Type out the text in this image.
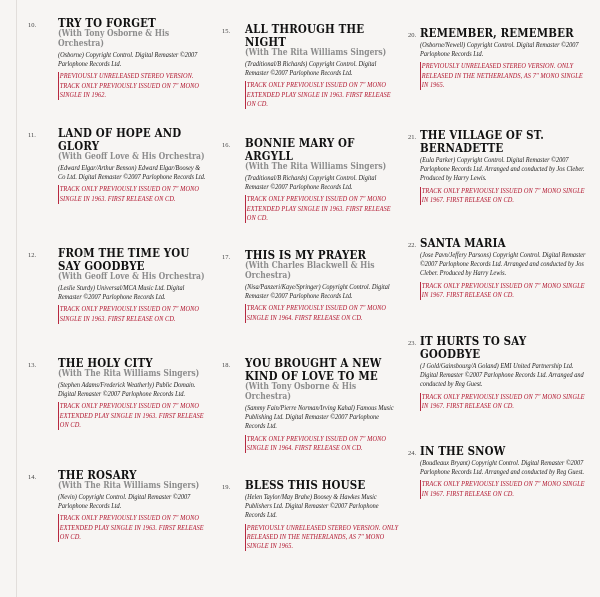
10. TRY TO FORGET
(With Tony Osborne & His Orchestra)
(Osborne) Copyright Control. Digital Remaster ©2007 Parlophone Records Ltd.
PREVIOUSLY UNRELEASED STEREO VERSION. TRACK ONLY PREVIOUSLY ISSUED ON 7" MONO SINGLE IN 1962.
11. LAND OF HOPE AND GLORY
(With Geoff Love & His Orchestra)
(Edward Elgar/Arthur Benson) Edward Elgar/Boosey & Co Ltd. Digital Remaster ©2007 Parlophone Records Ltd.
TRACK ONLY PREVIOUSLY ISSUED ON 7" MONO SINGLE IN 1963. FIRST RELEASE ON CD.
12. FROM THE TIME YOU SAY GOODBYE
(With Geoff Love & His Orchestra)
(Leslie Sturdy) Universal/MCA Music Ltd. Digital Remaster ©2007 Parlophone Records Ltd.
TRACK ONLY PREVIOUSLY ISSUED ON 7" MONO SINGLE IN 1963. FIRST RELEASE ON CD.
13. THE HOLY CITY
(With The Rita Williams Singers)
(Stephen Adams/Frederick Weatherly) Public Domain. Digital Remaster ©2007 Parlophone Records Ltd.
TRACK ONLY PREVIOUSLY ISSUED ON 7" MONO EXTENDED PLAY SINGLE IN 1963. FIRST RELEASE ON CD.
14. THE ROSARY
(With The Rita Williams Singers)
(Nevin) Copyright Control. Digital Remaster ©2007 Parlophone Records Ltd.
TRACK ONLY PREVIOUSLY ISSUED ON 7" MONO EXTENDED PLAY SINGLE IN 1963. FIRST RELEASE ON CD.
15. ALL THROUGH THE NIGHT
(With The Rita Williams Singers)
(Traditional/B Richards) Copyright Control. Digital Remaster ©2007 Parlophone Records Ltd.
TRACK ONLY PREVIOUSLY ISSUED ON 7" MONO EXTENDED PLAY SINGLE IN 1963. FIRST RELEASE ON CD.
16. BONNIE MARY OF ARGYLL
(With The Rita Williams Singers)
(Traditional/B Richards) Copyright Control. Digital Remaster ©2007 Parlophone Records Ltd.
TRACK ONLY PREVIOUSLY ISSUED ON 7" MONO EXTENDED PLAY SINGLE IN 1963. FIRST RELEASE ON CD.
17. THIS IS MY PRAYER
(With Charles Blackwell & His Orchestra)
(Nisa/Panzeri/Kaye/Springer) Copyright Control. Digital Remaster ©2007 Parlophone Records Ltd.
TRACK ONLY PREVIOUSLY ISSUED ON 7" MONO SINGLE IN 1964. FIRST RELEASE ON CD.
18. YOU BROUGHT A NEW KIND OF LOVE TO ME
(With Tony Osborne & His Orchestra)
(Sammy Fain/Pierre Norman/Irving Kahal) Famous Music Publishing Ltd. Digital Remaster ©2007 Parlophone Records Ltd.
TRACK ONLY PREVIOUSLY ISSUED ON 7" MONO SINGLE IN 1964. FIRST RELEASE ON CD.
19. BLESS THIS HOUSE
(Helen Taylor/May Brahe) Boosey & Hawkes Music Publishers Ltd. Digital Remaster ©2007 Parlophone Records Ltd.
PREVIOUSLY UNRELEASED STEREO VERSION. ONLY RELEASED IN THE NETHERLANDS, AS 7" MONO SINGLE IN 1965.
20. REMEMBER, REMEMBER
(Osborne/Newell) Copyright Control. Digital Remaster ©2007 Parlophone Records Ltd.
PREVIOUSLY UNRELEASED STEREO VERSION. ONLY RELEASED IN THE NETHERLANDS, AS 7" MONO SINGLE IN 1965.
21. THE VILLAGE OF ST. BERNADETTE
(Eula Parker) Copyright Control. Digital Remaster ©2007 Parlophone Records Ltd. Arranged and conducted by Jos Cleber. Produced by Harry Lewis.
TRACK ONLY PREVIOUSLY ISSUED ON 7" MONO SINGLE IN 1967. FIRST RELEASE ON CD.
22. SANTA MARIA
(Jose Pavn/Jeffery Parsons) Copyright Control. Digital Remaster ©2007 Parlophone Records Ltd. Arranged and conducted by Jos Cleber. Produced by Harry Lewis.
TRACK ONLY PREVIOUSLY ISSUED ON 7" MONO SINGLE IN 1967. FIRST RELEASE ON CD.
23. IT HURTS TO SAY GOODBYE
(J Gold/Gainsbourg/A Goland) EMI United Partnership Ltd. Digital Remaster ©2007 Parlophone Records Ltd. Arranged and conducted by Reg Guest.
TRACK ONLY PREVIOUSLY ISSUED ON 7" MONO SINGLE IN 1967. FIRST RELEASE ON CD.
24. IN THE SNOW
(Boudleaux Bryant) Copyright Control. Digital Remaster ©2007 Parlophone Records Ltd. Arranged and conducted by Reg Guest.
TRACK ONLY PREVIOUSLY ISSUED ON 7" MONO SINGLE IN 1967. FIRST RELEASE ON CD.
